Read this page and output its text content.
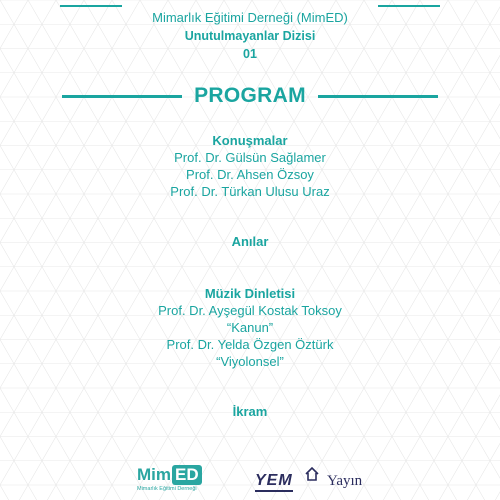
Mimarlık Eğitimi Derneği (MimED)
Unutulmayanlar Dizisi
01
PROGRAM
Konuşmalar
Prof. Dr. Gülsün Sağlamer
Prof. Dr. Ahsen Özsoy
Prof. Dr. Türkan Ulusu Uraz
Anılar
Müzik Dinletisi
Prof. Dr. Ayşegül Kostak Toksoy
“Kanun”
Prof. Dr. Yelda Özgen Öztürk
“Viyolonsel”
İkram
Mim ED
Mimarlık Eğitimi Derneği	YEM Yayın
